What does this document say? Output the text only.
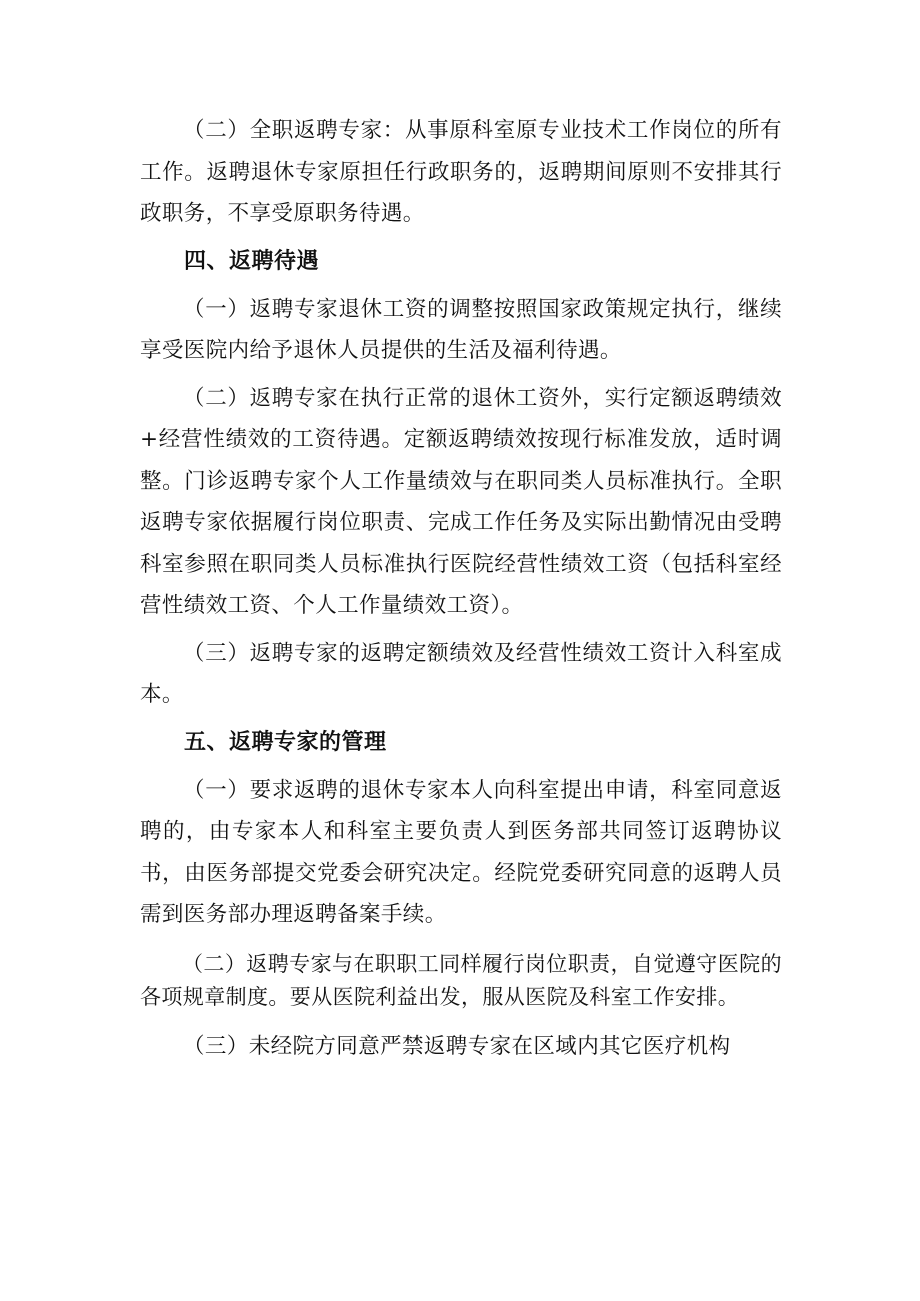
（二）全职返聘专家：从事原科室原专业技术工作岗位的所有工作。返聘退休专家原担任行政职务的，返聘期间原则不安排其行政职务，不享受原职务待遇。

四、返聘待遇

（一）返聘专家退休工资的调整按照国家政策规定执行，继续享受医院内给予退休人员提供的生活及福利待遇。

（二）返聘专家在执行正常的退休工资外，实行定额返聘绩效+经营性绩效的工资待遇。定额返聘绩效按现行标准发放，适时调整。门诊返聘专家个人工作量绩效与在职同类人员标准执行。全职返聘专家依据履行岗位职责、完成工作任务及实际出勤情况由受聘科室参照在职同类人员标准执行医院经营性绩效工资（包括科室经营性绩效工资、个人工作量绩效工资）。

（三）返聘专家的返聘定额绩效及经营性绩效工资计入科室成本。

五、返聘专家的管理

（一）要求返聘的退休专家本人向科室提出申请，科室同意返聘的，由专家本人和科室主要负责人到医务部共同签订返聘协议书，由医务部提交党委会研究决定。经院党委研究同意的返聘人员需到医务部办理返聘备案手续。

（二）返聘专家与在职职工同样履行岗位职责，自觉遵守医院的各项规章制度。要从医院利益出发，服从医院及科室工作安排。

（三）未经院方同意严禁返聘专家在区域内其它医疗机构
